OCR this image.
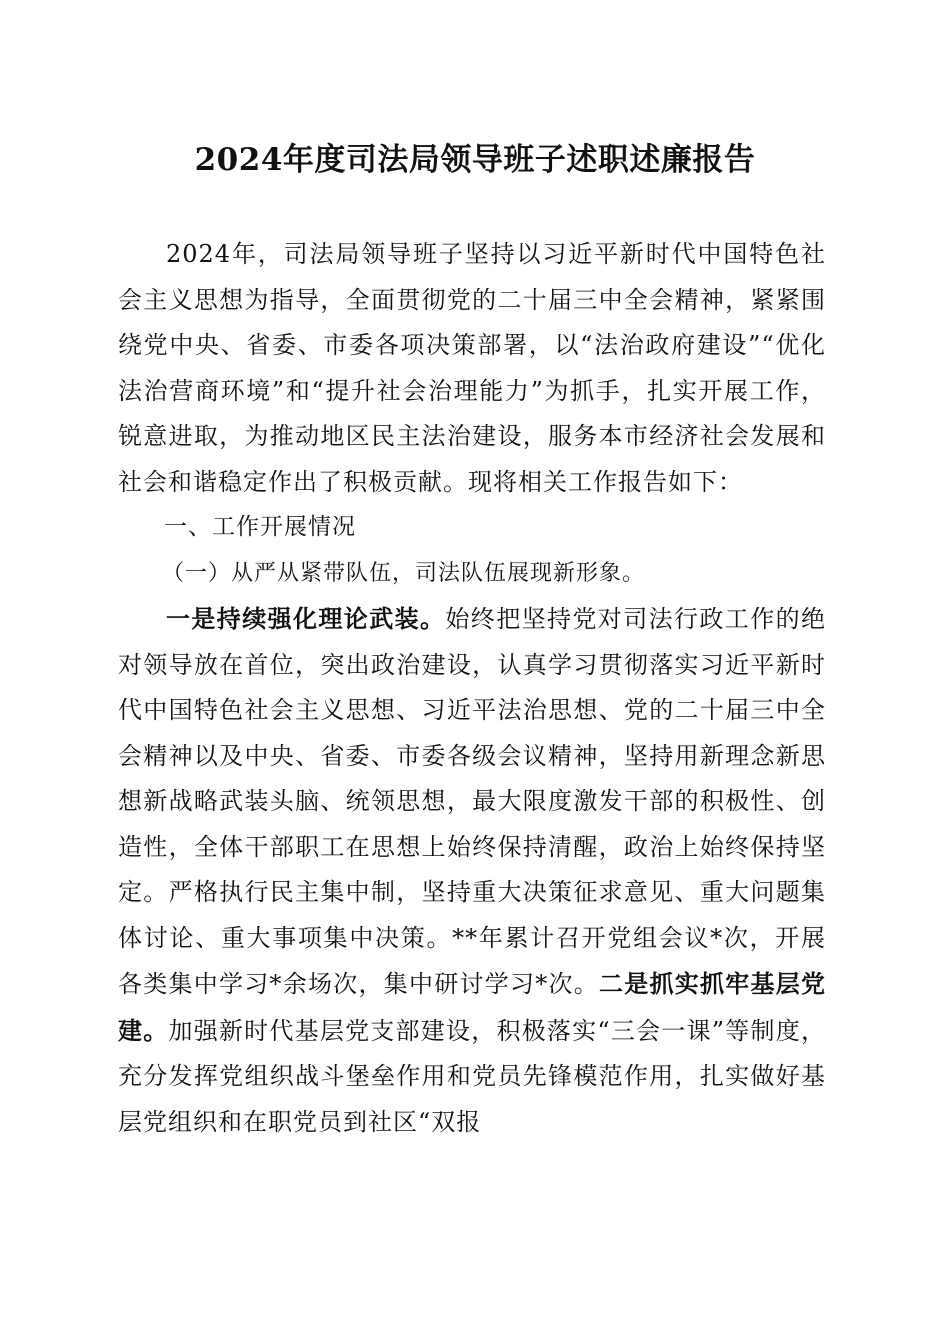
2024年度司法局领导班子述职述廉报告

2024年，司法局领导班子坚持以习近平新时代中国特色社会主义思想为指导，全面贯彻党的二十届三中全会精神，紧紧围绕党中央、省委、市委各项决策部署，以“法治政府建设”“优化法治营商环境”和“提升社会治理能力”为抓手，扎实开展工作，锐意进取，为推动地区民主法治建设，服务本市经济社会发展和社会和谐稳定作出了积极贡献。现将相关工作报告如下：

一、工作开展情况

（一）从严从紧带队伍，司法队伍展现新形象。

一是持续强化理论武装。始终把坚持党对司法行政工作的绝对领导放在首位，突出政治建设，认真学习贯彻落实习近平新时代中国特色社会主义思想、习近平法治思想、党的二十届三中全会精神以及中央、省委、市委各级会议精神，坚持用新理念新思想新战略武装头脑、统领思想，最大限度激发干部的积极性、创造性，全体干部职工在思想上始终保持清醒，政治上始终保持坚定。严格执行民主集中制，坚持重大决策征求意见、重大问题集体讨论、重大事项集中决策。**年累计召开党组会议*次，开展各类集中学习*余场次，集中研讨学习*次。二是抓实抓牢基层党建。加强新时代基层党支部建设，积极落实“三会一课”等制度，充分发挥党组织战斗堡垒作用和党员先锋模范作用，扎实做好基层党组织和在职党员到社区“双报
